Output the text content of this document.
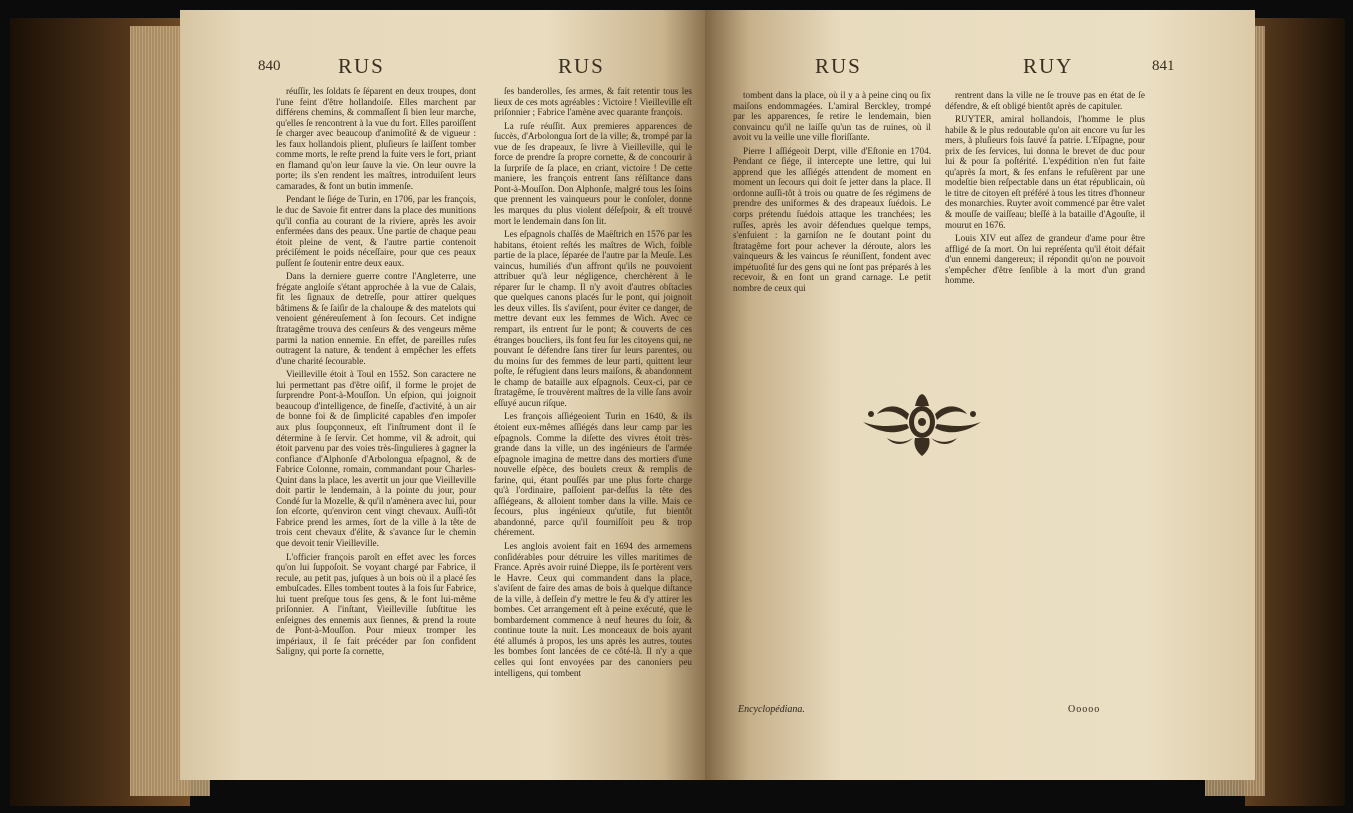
840	RUS	RUS

réuſſir, les ſoldats ſe ſéparent en deux troupes, dont l'une feint d'être hollandoiſe. Elles marchent par différens chemins, & commaſſent ſi bien leur marche, qu'elles ſe rencontrent à la vue du fort. Elles paroiſſent ſe charger avec beaucoup d'animoſité & de vigueur : les faux hollandois plient, pluſieurs ſe laiſſent tomber comme morts, le reſte prend la fuite vers le fort, priant en flamand qu'on leur ſauve la vie. On leur ouvre la porte; ils s'en rendent les maîtres, introduiſent leurs camarades, & font un butin immenſe.

Pendant le ſiége de Turin, en 1706, par les françois, le duc de Savoie fit entrer dans la place des munitions qu'il confia au courant de la riviere, après les avoir enfermées dans des peaux. Une partie de chaque peau étoit pleine de vent, & l'autre partie contenoit préciſément le poids néceſſaire, pour que ces peaux puſſent ſe ſoutenir entre deux eaux.

Dans la derniere guerre contre l'Angleterre, une frégate angloiſe s'étant approchée à la vue de Calais, fit les ſignaux de detreſſe, pour attirer quelques bâtimens & ſe ſaiſir de la chaloupe & des matelots qui venoient généreuſement à ſon ſecours. Cet indigne ſtratagême trouva des cenſeurs & des vengeurs même parmi la nation ennemie. En effet, de pareilles ruſes outragent la nature, & tendent à empêcher les effets d'une charité ſecourable.

Vieilleville étoit à Toul en 1552. Son caractere ne lui permettant pas d'être oiſif, il forme le projet de ſurprendre Pont-à-Mouſſon. Un eſpion, qui joignoit beaucoup d'intelligence, de fineſſe, d'activité, à un air de bonne foi & de ſimplicité capables d'en impoſer aux plus ſoupçonneux, eſt l'inſtrument dont il ſe détermine à ſe ſervir. Cet homme, vil & adroit, qui étoit parvenu par des voies très-ſingulieres à gagner la confiance d'Alphonſe d'Arbolongua eſpagnol, & de Fabrice Colonne, romain, commandant pour Charles-Quint dans la place, les avertit un jour que Vieilleville doit partir le lendemain, à la pointe du jour, pour Condé ſur la Mozelle, & qu'il n'amènera avec lui, pour ſon eſcorte, qu'environ cent vingt chevaux. Auſſi-tôt Fabrice prend les armes, ſort de la ville à la tête de trois cent chevaux d'élite, & s'avance ſur le chemin que devoit tenir Vieilleville.

L'officier françois paroît en effet avec les forces qu'on lui ſuppoſoit. Se voyant chargé par Fabrice, il recule, au petit pas, juſques à un bois où il a placé ſes embuſcades. Elles tombent toutes à la fois ſur Fabrice, lui tuent preſque tous ſes gens, & le font lui-même priſonnier. A l'inſtant, Vieilleville ſubſtitue les enſeignes des ennemis aux ſiennes, & prend la route de Pont-à-Mouſſon. Pour mieux tromper les impériaux, il ſe fait précéder par ſon confident Saligny, qui porte ſa cornette,

ſes banderolles, ſes armes, & fait retentir tous les lieux de ces mots agréables : Victoire ! Vieilleville eſt priſonnier ; Fabrice l'amène avec quarante françois.

La ruſe réuſſit. Aux premieres apparences de ſuccès, d'Arbolongua ſort de la ville; &, trompé par la vue de ſes drapeaux, ſe livre à Vieilleville, qui le force de prendre ſa propre cornette, & de concourir à la ſurpriſe de ſa place, en criant, victoire ! De cette maniere, les françois entrent ſans réſiſtance dans Pont-à-Mouſſon. Don Alphonſe, malgré tous les ſoins que prennent les vainqueurs pour le conſoler, donne les marques du plus violent déſeſpoir, & eſt trouvé mort le lendemain dans ſon lit.

Les eſpagnols chaſſés de Maëſtrich en 1576 par les habitans, étoient reſtés les maîtres de Wich, foible partie de la place, ſéparée de l'autre par la Meuſe. Les vaincus, humiliés d'un affront qu'ils ne pouvoient attribuer qu'à leur négligence, cherchèrent à le réparer ſur le champ. Il n'y avoit d'autres obſtacles que quelques canons placés ſur le pont, qui joignoit les deux villes. Ils s'aviſent, pour éviter ce danger, de mettre devant eux les femmes de Wich. Avec ce rempart, ils entrent ſur le pont; & couverts de ces étranges boucliers, ils font feu ſur les citoyens qui, ne pouvant ſe défendre ſans tirer ſur leurs parentes, ou du moins ſur des femmes de leur parti, quittent leur poſte, ſe réfugient dans leurs maiſons, & abandonnent le champ de bataille aux eſpagnols. Ceux-ci, par ce ſtratagême, ſe trouvèrent maîtres de la ville ſans avoir eſſuyé aucun riſque.

Les françois aſſiégeoient Turin en 1640, & ils étoient eux-mêmes aſſiégés dans leur camp par les eſpagnols. Comme la diſette des vivres étoit très-grande dans la ville, un des ingénieurs de l'armée eſpagnole imagina de mettre dans des mortiers d'une nouvelle eſpèce, des boulets creux & remplis de farine, qui, étant pouſſés par une plus forte charge qu'à l'ordinaire, paſſoient par-deſſus la tête des aſſiégeans, & alloient tomber dans la ville. Mais ce ſecours, plus ingénieux qu'utile, fut bientôt abandonné, parce qu'il fourniſſoit peu & trop chérement.

Les anglois avoient fait en 1694 des armemens conſidérables pour détruire les villes maritimes de France. Après avoir ruiné Dieppe, ils ſe portèrent vers le Havre. Ceux qui commandent dans la place, s'aviſent de faire des amas de bois à quelque diſtance de la ville, à deſſein d'y mettre le feu & d'y attirer les bombes. Cet arrangement eſt à peine exécuté, que le bombardement commence à neuf heures du ſoir, & continue toute la nuit. Les monceaux de bois ayant été allumés à propos, les uns après les autres, toutes les bombes ſont lancées de ce côté-là. Il n'y a que celles qui ſont envoyées par des canoniers peu intelligens, qui tombent

RUS	RUY	841

tombent dans la place, où il y a à peine cinq ou ſix maiſons endommagées. L'amiral Berckley, trompé par les apparences, ſe retire le lendemain, bien convaincu qu'il ne laiſſe qu'un tas de ruines, où il avoit vu la veille une ville floriſſante.

Pierre I aſſiégeoit Derpt, ville d'Eſtonie en 1704. Pendant ce ſiége, il intercepte une lettre, qui lui apprend que les aſſiégés attendent de moment en moment un ſecours qui doit ſe jetter dans la place. Il ordonne auſſi-tôt à trois ou quatre de ſes régimens de prendre des uniformes & des drapeaux ſuédois. Le corps prétendu ſuédois attaque les tranchées; les ruſſes, après les avoir défendues quelque temps, s'enfuient : la garniſon ne ſe doutant point du ſtratagême fort pour achever la déroute, alors les vainqueurs & les vaincus ſe réuniſſent, fondent avec impétuoſité ſur des gens qui ne ſont pas préparés à les recevoir, & en font un grand carnage. Le petit nombre de ceux qui

rentrent dans la ville ne ſe trouve pas en état de ſe défendre, & eſt obligé bientôt après de capituler.

RUYTER, amiral hollandois, l'homme le plus habile & le plus redoutable qu'on ait encore vu ſur les mers, à pluſieurs fois ſauvé ſa patrie. L'Eſpagne, pour prix de ſes ſervices, lui donna le brevet de duc pour lui & pour ſa poſtérité. L'expédition n'en fut faite qu'après ſa mort, & ſes enfans le refuſèrent par une modeſtie bien reſpectable dans un état républicain, où le titre de citoyen eſt préféré à tous les titres d'honneur des monarchies. Ruyter avoit commencé par être valet & mouſſe de vaiſſeau; bleſſé à la bataille d'Agouſte, il mourut en 1676.

Louis XIV eut aſſez de grandeur d'ame pour être affligé de ſa mort. On lui repréſenta qu'il étoit défait d'un ennemi dangereux; il répondit qu'on ne pouvoit s'empêcher d'être ſenſible à la mort d'un grand homme.

Encyclopédiana.	Ooooo
